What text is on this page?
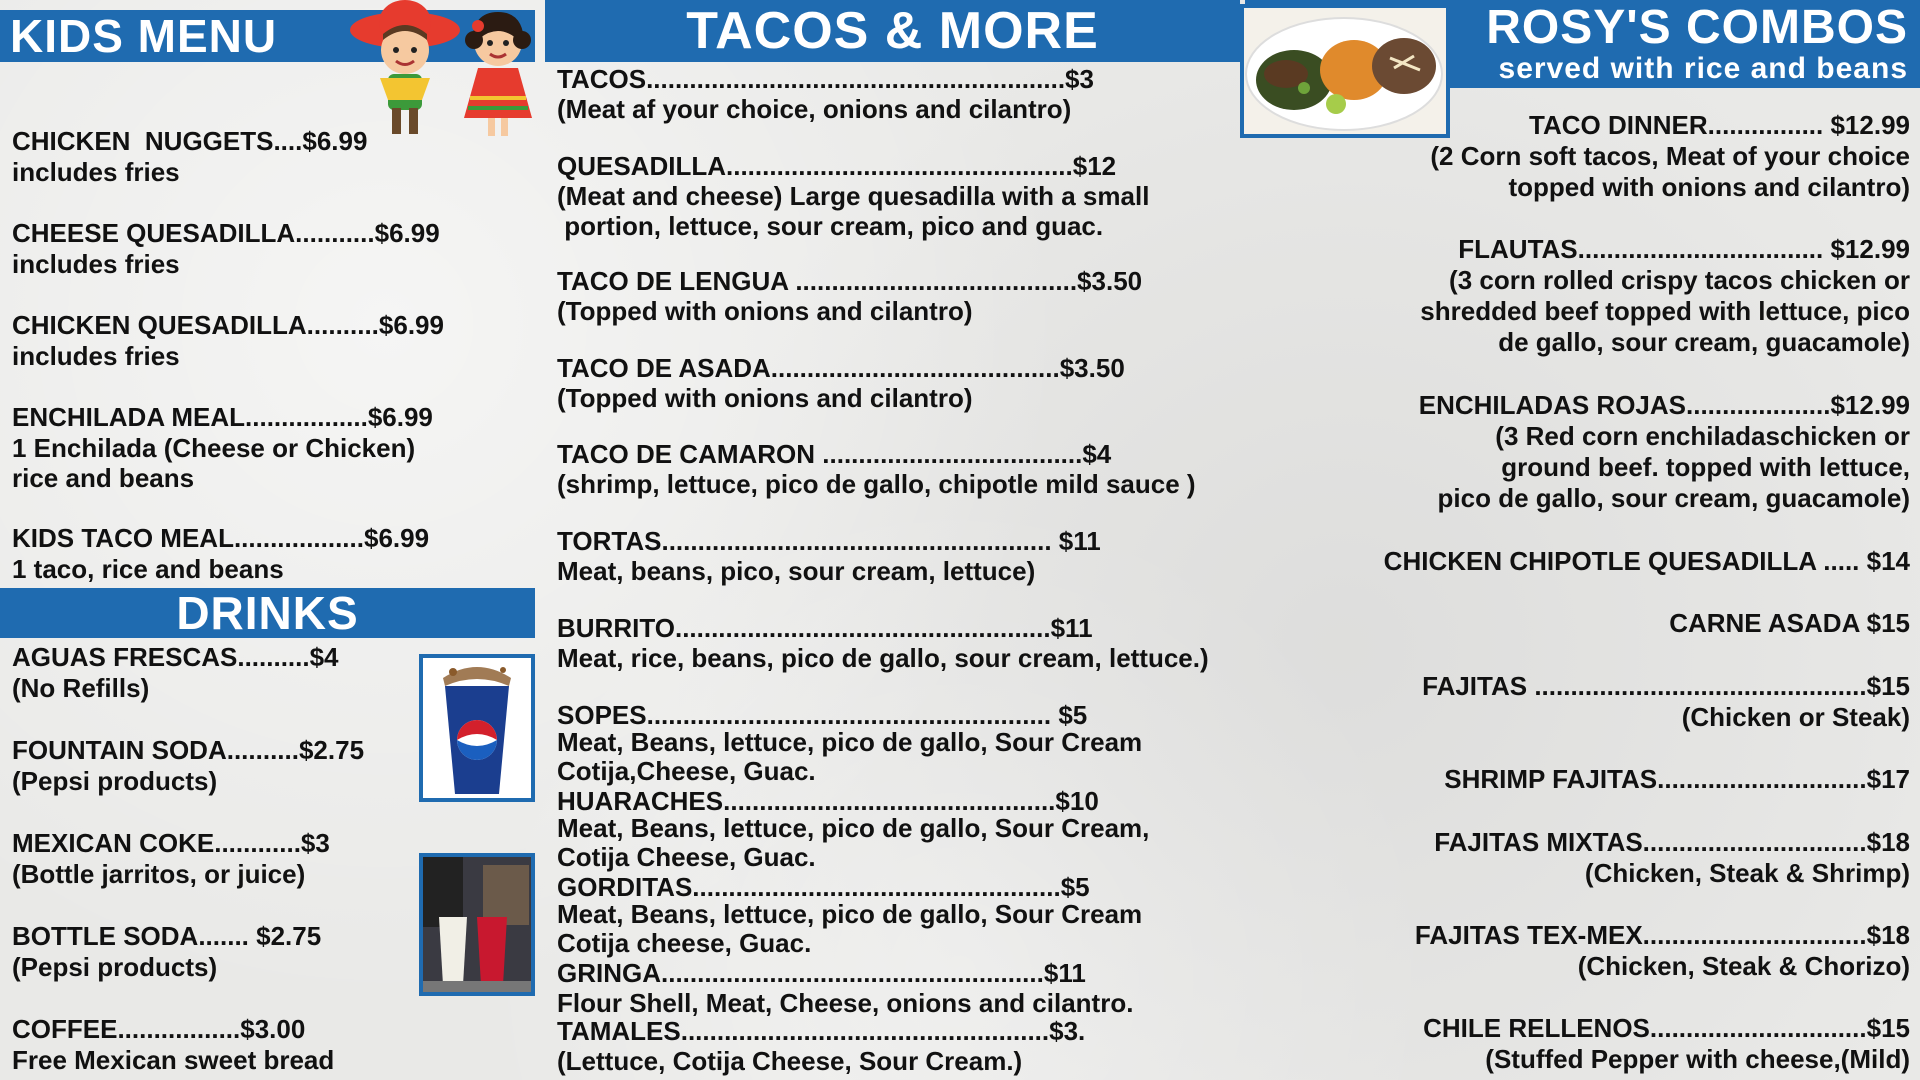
KIDS MENU
CHICKEN  NUGGETS....$6.99
includes fries
CHEESE QUESADILLA...........$6.99
includes fries
CHICKEN QUESADILLA..........$6.99
includes fries
ENCHILADA MEAL.................$6.99
1 Enchilada (Cheese or Chicken)
rice and beans
KIDS TACO MEAL..................$6.99
1 taco, rice and beans
DRINKS
AGUAS FRESCAS..........$4
(No Refills)
FOUNTAIN SODA..........$2.75
(Pepsi products)
MEXICAN COKE............$3
(Bottle jarritos, or juice)
BOTTLE SODA....... $2.75
(Pepsi products)
COFFEE.................$3.00
Free Mexican sweet bread
TACOS & MORE
TACOS..........................................................$3
(Meat af your choice, onions and cilantro)
QUESADILLA................................................$12
(Meat and cheese) Large quesadilla with a small
portion, lettuce, sour cream, pico and guac.
TACO DE LENGUA .......................................$3.50
(Topped with onions and cilantro)
TACO DE ASADA........................................$3.50
(Topped with onions and cilantro)
TACO DE CAMARON ....................................$4
(shrimp, lettuce, pico de gallo, chipotle mild sauce )
TORTAS...................................................... $11
Meat, beans, pico, sour cream, lettuce)
BURRITO....................................................$11
Meat, rice, beans, pico de gallo, sour cream, lettuce.)
SOPES........................................................ $5
Meat, Beans, lettuce, pico de gallo, Sour Cream
Cotija,Cheese, Guac.
HUARACHES..............................................$10
Meat, Beans, lettuce, pico de gallo, Sour Cream,
Cotija Cheese, Guac.
GORDITAS...................................................$5
Meat, Beans, lettuce, pico de gallo, Sour Cream
Cotija cheese, Guac.
GRINGA.....................................................$11
Flour Shell, Meat, Cheese, onions and cilantro.
TAMALES...................................................$3.
(Lettuce, Cotija Cheese, Sour Cream.)
ROSY'S COMBOS
served with rice and beans
TACO DINNER................ $12.99
(2 Corn soft tacos, Meat of your choice
topped with onions and cilantro)
FLAUTAS.................................. $12.99
(3 corn rolled crispy tacos chicken or
shredded beef topped with lettuce, pico
de gallo, sour cream, guacamole)
ENCHILADAS ROJAS....................$12.99
(3 Red corn enchiladaschicken or
ground beef. topped with lettuce,
pico de gallo, sour cream, guacamole)
CHICKEN CHIPOTLE QUESADILLA ..... $14
CARNE ASADA $15
FAJITAS ..............................................$15
(Chicken or Steak)
SHRIMP FAJITAS.............................$17
FAJITAS MIXTAS...............................$18
(Chicken, Steak & Shrimp)
FAJITAS TEX-MEX...............................$18
(Chicken, Steak & Chorizo)
CHILE RELLENOS..............................$15
(Stuffed Pepper with cheese,(Mild)
